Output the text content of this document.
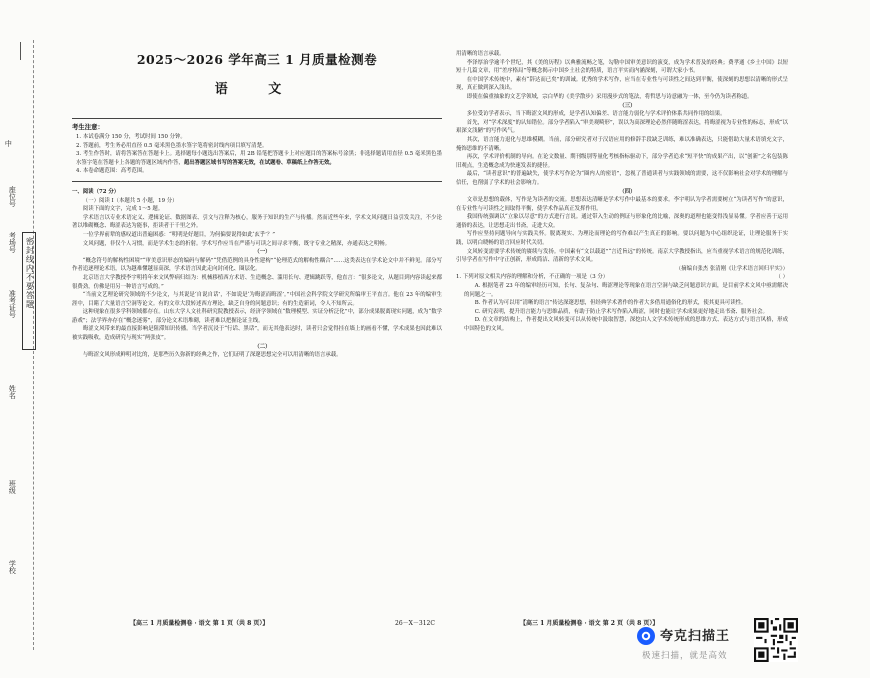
中
学校
班级
姓名
准考证号
考场号
座位号
密封线内不要答题
2025～2026 学年高三 1 月质量检测卷
语 文
考生注意：

1. 本试卷满分 150 分，考试时间 150 分钟。

2. 答题前，考生务必用直径 0.5 毫米黑色墨水签字笔将密封线内项目填写清楚。

3. 考生作答时，请将答案答在答题卡上。选择题每小题选出答案后，用 2B 铅笔把答题卡上对应题目的答案标号涂黑；非选择题请用直径 0.5 毫米黑色墨水签字笔在答题卡上各题的答题区域内作答，超出答题区域书写的答案无效，在试题卷、草稿纸上作答无效。

4. 本卷命题范围：高考范围。

一、阅读（72 分）

（一）阅读 I（本题共 5 小题，19 分）

阅读下面的文字，完成 1～5 题。

学术语言以专业术语定义、逻辑论证、数据图表、引文与注释为核心，服务于知识的生产与传播。然而近些年来，学术文风问题日益引发关注，不少论著以堆砌概念、晦涩表达为能事，拒读者于千里之外。

一位学界前辈的感叹道出普遍困惑：“明明是好题目，为何偏要说得如此‘玄乎’？”

文风问题，非仅个人习惯，而是学术生态的折射。学术写作应当在严谨与可读之间寻求平衡，既守专业之精深，亦通表达之明畅。

（一）

“概念符号的解构性困境”“审美意识形态的编码与解码”“凭借范例的具身性建构”“伦理范式的解构性耦合”……这类表达在学术论文中并不鲜见。部分写作者追逐理论术语，以为越难懂越显高深，学术语言因此走向封闭化、圈层化。

北京语言大学教授李宇明将年来文风弊病归结为：机械移植西方术语、生造概念、滥用长句、逻辑跳跃等，他直言：“很多论文，从题目到内容读起来都很费劲，仿佛是用另一种语言写成的。”

“当前文艺理论研究领域的不少论文，与其说是‘自说自话’，不如说是‘为晦涩而晦涩’。”中国社会科学院文学研究所编审王平直言。他在 23 年的编审生涯中，目睹了大量语言空洞等论文。有的文章大段转述西方理论，缺乏自身的问题意识；有的生造新词，令人不知所云。

这种现象在很多学科领域都存在。山东大学人文社科研究院教授表示，经济学领域在“数理模型、实证分析泛化”中，部分成果脱离现实问题，成为“数学游戏”；法学界亦存在“概念迷雾”，部分论文术语堆砌，读者难以把握论证主线。

晦涩文风带来的最直接影响是阻滞知识传播。当学者沉浸于“行话、黑话”，而无其他表达时，读者只会觉得挂在墙上的画看不懂，学术成果也因此难以被实践吸收，造成研究与现实“两张皮”。

（二）

与晦涩文风形成鲜明对比的，是那些历久弥新的经典之作，它们证明了深邃思想完全可以用清晰的语言承载。

用清晰的语言承载。

李泽厚治学逾半个世纪，其《美的历程》以典雅流畅之笔，勾勒中国审美意识的演变，成为学术普及的经典；费孝通《乡土中国》以短短十几篇文章，用“差序格局”等概念揭示中国乡土社会的特质，语言平实而内涵深刻，可谓大家小书。

在中国学术传统中，素有“辞达而已矣”的训诫。优秀的学术写作，应当在专业性与可读性之间达到平衡，使深刻的思想以清晰的形式呈现，真正做到深入浅出。

即使在偏重抽象的文艺学领域，宗白华的《美学散步》采用漫步式的笔法，将哲思与诗意融为一体，至今仍为读者称道。

（三）

多位受访学者表示，当下晦涩文风的形成，是学者认知偏差、语言能力弱化与学术评价体系共同作用的结果。

首先，对“学术深度”的认知错位。部分学者陷入“审美观畸形”，误以为高深理论必然伴随晦涩表达，将晦涩视为专业性的标志，形成“以艰深文浅陋”的写作风气。

其次，语言能力退化与思维模糊。当前，部分研究者对于汉语应用的修辞手段缺乏训练，难以准确表达，只能借助大量术语填充文字，掩饰思维的不清晰。

再次，学术评价机制的导向。在论文数量、期刊级别等量化考核指标驱动下，部分学者追求“短平快”的成果产出，以“创新”之名包装陈旧观点，生造概念成为快速发表的捷径。

最后，“读者意识”的普遍缺失，使学术写作沦为“圈内人的密语”，忽视了普通读者与实践领域的需要，这不仅影响社会对学术的理解与信任，也削弱了学术的社会影响力。

（四）

文章是思想的载体，写作是为读者的交流。思想表达清晰是学术写作中最基本的要求。李宇明认为学者需要树立“为读者写作”的意识，在专业性与可读性之间取得平衡，使学术作品真正发挥作用。

我国传统强调以“立象以尽意”的方式进行言说。通过带入生动的例证与形象化的比喻，深奥的道理也能变得浅显易懂。学者应善于运用通俗的表达，让思想走出书斋，走进大众。

写作应坚持问题导向与实践关怀。脱离现实、为理论而理论的写作难以产生真正的影响。要以问题为中心组织论证，让理论服务于实践，以明白晓畅的语言回应时代关切。

文风转变需要学术传统的赓续与发扬。中国素有“文以载道”“言近旨远”的传统。南京大学教授指出，应当重视学术语言的规范化训练，引导学者在写作中守正创新，形成简洁、清新的学术文风。

（摘编自张杰 张清刚《让学术语言回归平实》）

1. 下列对原文相关内容的理解和分析，不正确的一项是（3 分）	（ ）

A. 根据笔者 23 年的编审经历可知，长句、复杂句、晦涩理论等现象在语言空洞与缺乏问题意识方面，是目前学术文风中亟需解决的问题之一。

B. 作者认为可以用“清晰的语言”传达深邃思想，但经典学术著作的作者大多借用通俗化的形式，使其更具可读性。

C. 研究表明，提升语言能力与思维品质，有助于防止学术写作陷入晦涩，同时也能让学术成果更好地走出书斋、服务社会。

D. 在文章的结构上，作者提出文风转变可以从传统中汲取智慧，深挖由人文学术传统形成的思维方式、表达方式与语言风格，形成中国特色的文风。

【高三 1 月质量检测卷 · 语文 第 1 页（共 8 页）】	26－X－312C	【高三 1 月质量检测卷 · 语文 第 2 页（共 8 页）】
夸克扫描王
极速扫描，就是高效
